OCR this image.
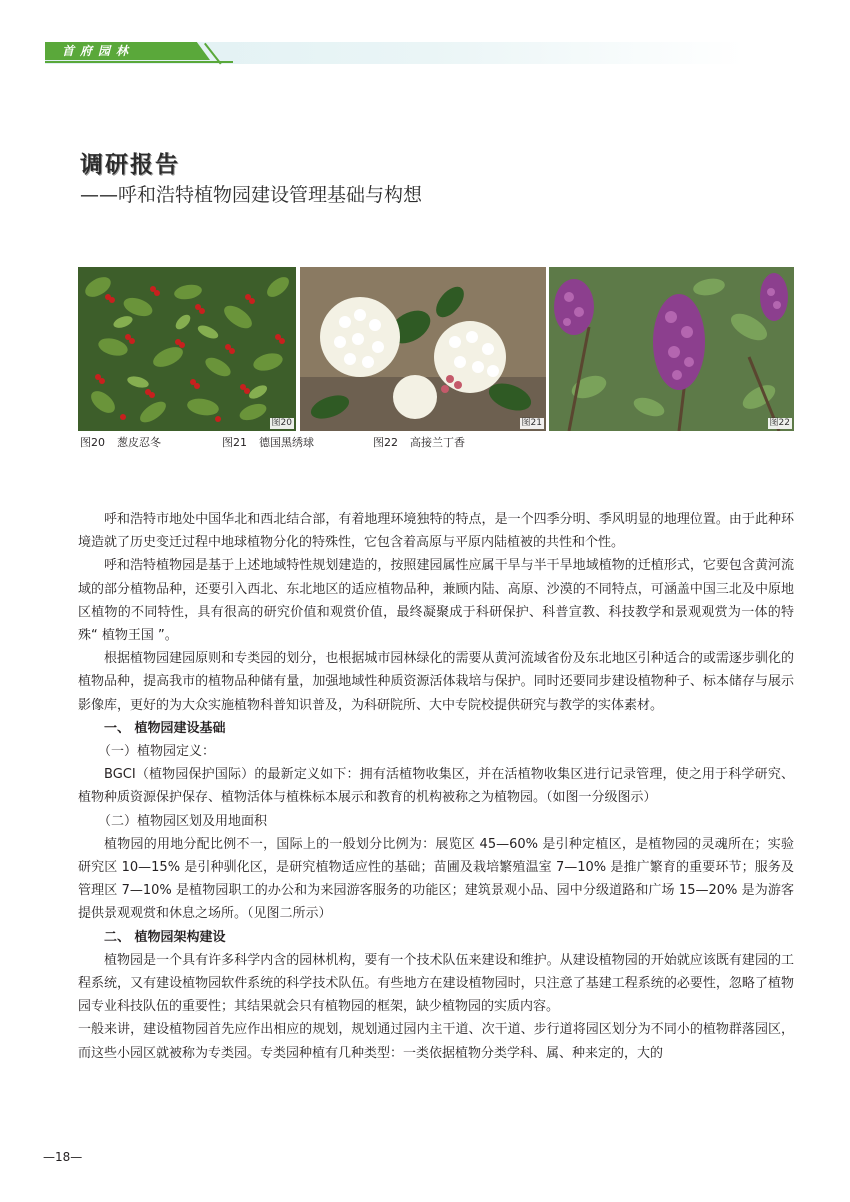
首府园林
调研报告
——呼和浩特植物园建设管理基础与构想
图20	图21	图22
图20 葱皮忍冬	图21 德国黑绣球	图22 高接兰丁香

呼和浩特市地处中国华北和西北结合部，有着地理环境独特的特点，是一个四季分明、季风明显的地理位置。由于此种环境造就了历史变迁过程中地球植物分化的特殊性，它包含着高原与平原内陆植被的共性和个性。

呼和浩特植物园是基于上述地域特性规划建造的，按照建园属性应属干旱与半干旱地域植物的迁植形式，它要包含黄河流域的部分植物品种，还要引入西北、东北地区的适应植物品种，兼顾内陆、高原、沙漠的不同特点，可涵盖中国三北及中原地区植物的不同特性，具有很高的研究价值和观赏价值，最终凝聚成于科研保护、科普宣教、科技教学和景观观赏为一体的特殊“ 植物王国 ”。

根据植物园建园原则和专类园的划分，也根据城市园林绿化的需要从黄河流域省份及东北地区引种适合的或需逐步驯化的植物品种，提高我市的植物品种储有量，加强地域性种质资源活体栽培与保护。同时还要同步建设植物种子、标本储存与展示影像库，更好的为大众实施植物科普知识普及，为科研院所、大中专院校提供研究与教学的实体素材。

一、 植物园建设基础

（一）植物园定义：

BGCI（植物园保护国际）的最新定义如下：拥有活植物收集区，并在活植物收集区进行记录管理，使之用于科学研究、植物种质资源保护保存、植物活体与植株标本展示和教育的机构被称之为植物园。（如图一分级图示）

（二）植物园区划及用地面积

植物园的用地分配比例不一，国际上的一般划分比例为：展览区 45—60% 是引种定植区，是植物园的灵魂所在；实验研究区 10—15% 是引种驯化区，是研究植物适应性的基础；苗圃及栽培繁殖温室 7—10% 是推广繁育的重要环节；服务及管理区 7—10% 是植物园职工的办公和为来园游客服务的功能区；建筑景观小品、园中分级道路和广场 15—20% 是为游客提供景观观赏和休息之场所。（见图二所示）

二、 植物园架构建设

植物园是一个具有许多科学内含的园林机构，要有一个技术队伍来建设和维护。从建设植物园的开始就应该既有建园的工程系统，又有建设植物园软件系统的科学技术队伍。有些地方在建设植物园时，只注意了基建工程系统的必要性，忽略了植物园专业科技队伍的重要性；其结果就会只有植物园的框架，缺少植物园的实质内容。

一般来讲，建设植物园首先应作出相应的规划，规划通过园内主干道、次干道、步行道将园区划分为不同小的植物群落园区，而这些小园区就被称为专类园。专类园种植有几种类型：一类依据植物分类学科、属、种来定的，大的

—18—
